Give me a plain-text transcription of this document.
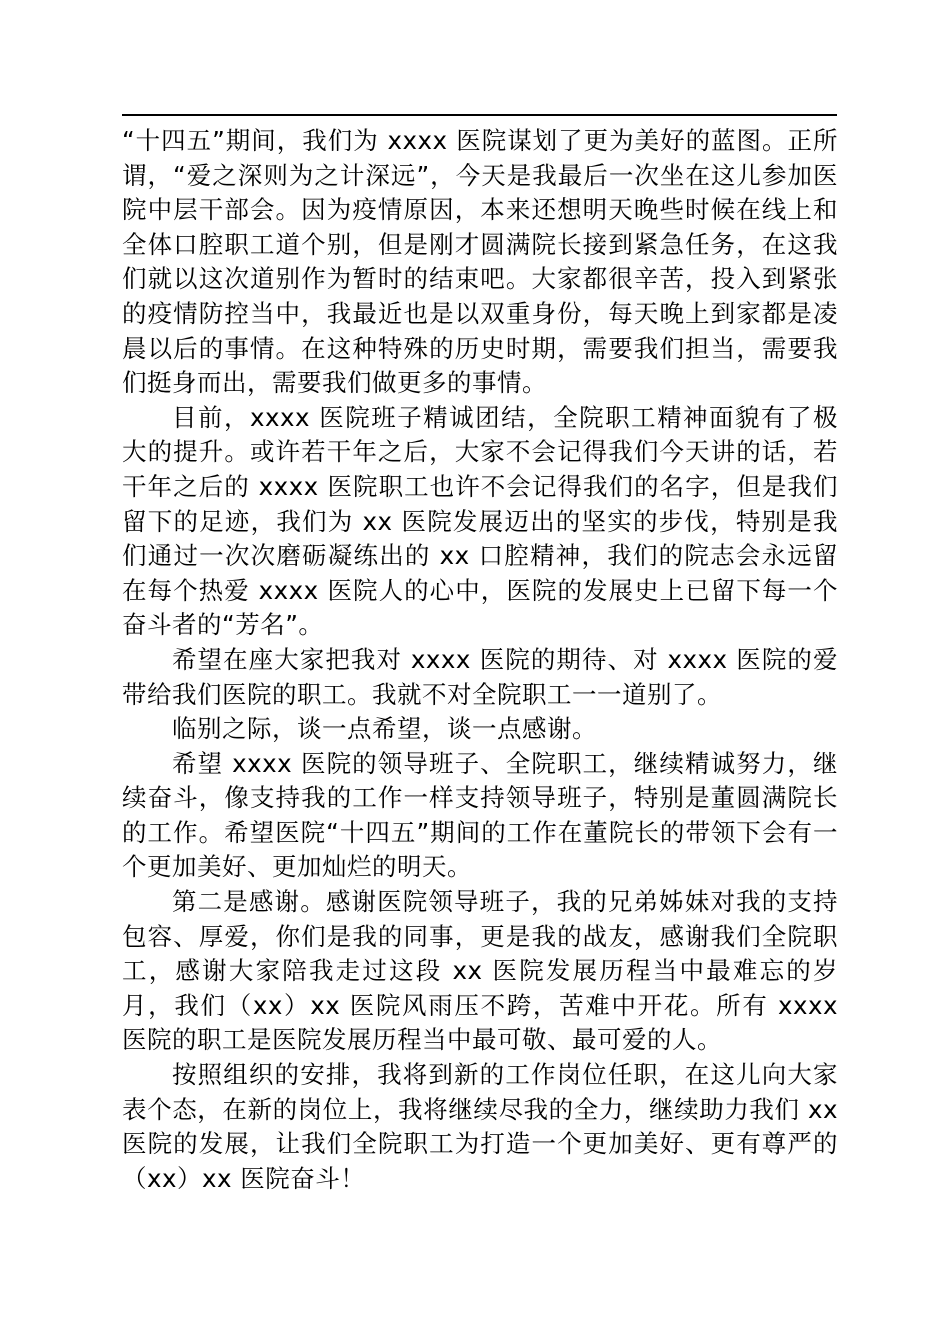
“十四五”期间，我们为 xxxx 医院谋划了更为美好的蓝图。正所谓，“爱之深则为之计深远”，今天是我最后一次坐在这儿参加医院中层干部会。因为疫情原因，本来还想明天晚些时候在线上和全体口腔职工道个别，但是刚才圆满院长接到紧急任务，在这我们就以这次道别作为暂时的结束吧。大家都很辛苦，投入到紧张的疫情防控当中，我最近也是以双重身份，每天晚上到家都是凌晨以后的事情。在这种特殊的历史时期，需要我们担当，需要我们挺身而出，需要我们做更多的事情。

目前，xxxx 医院班子精诚团结，全院职工精神面貌有了极大的提升。或许若干年之后，大家不会记得我们今天讲的话，若干年之后的 xxxx 医院职工也许不会记得我们的名字，但是我们留下的足迹，我们为 xx 医院发展迈出的坚实的步伐，特别是我们通过一次次磨砺凝练出的 xx 口腔精神，我们的院志会永远留在每个热爱 xxxx 医院人的心中，医院的发展史上已留下每一个奋斗者的“芳名”。

希望在座大家把我对 xxxx 医院的期待、对 xxxx 医院的爱带给我们医院的职工。我就不对全院职工一一道别了。

临别之际，谈一点希望，谈一点感谢。

希望 xxxx 医院的领导班子、全院职工，继续精诚努力，继续奋斗，像支持我的工作一样支持领导班子，特别是董圆满院长的工作。希望医院“十四五”期间的工作在董院长的带领下会有一个更加美好、更加灿烂的明天。

第二是感谢。感谢医院领导班子，我的兄弟姊妹对我的支持包容、厚爱，你们是我的同事，更是我的战友，感谢我们全院职工，感谢大家陪我走过这段 xx 医院发展历程当中最难忘的岁月，我们（xx）xx 医院风雨压不跨，苦难中开花。所有 xxxx 医院的职工是医院发展历程当中最可敬、最可爱的人。

按照组织的安排，我将到新的工作岗位任职，在这儿向大家表个态，在新的岗位上，我将继续尽我的全力，继续助力我们 xx 医院的发展，让我们全院职工为打造一个更加美好、更有尊严的（xx）xx 医院奋斗！
